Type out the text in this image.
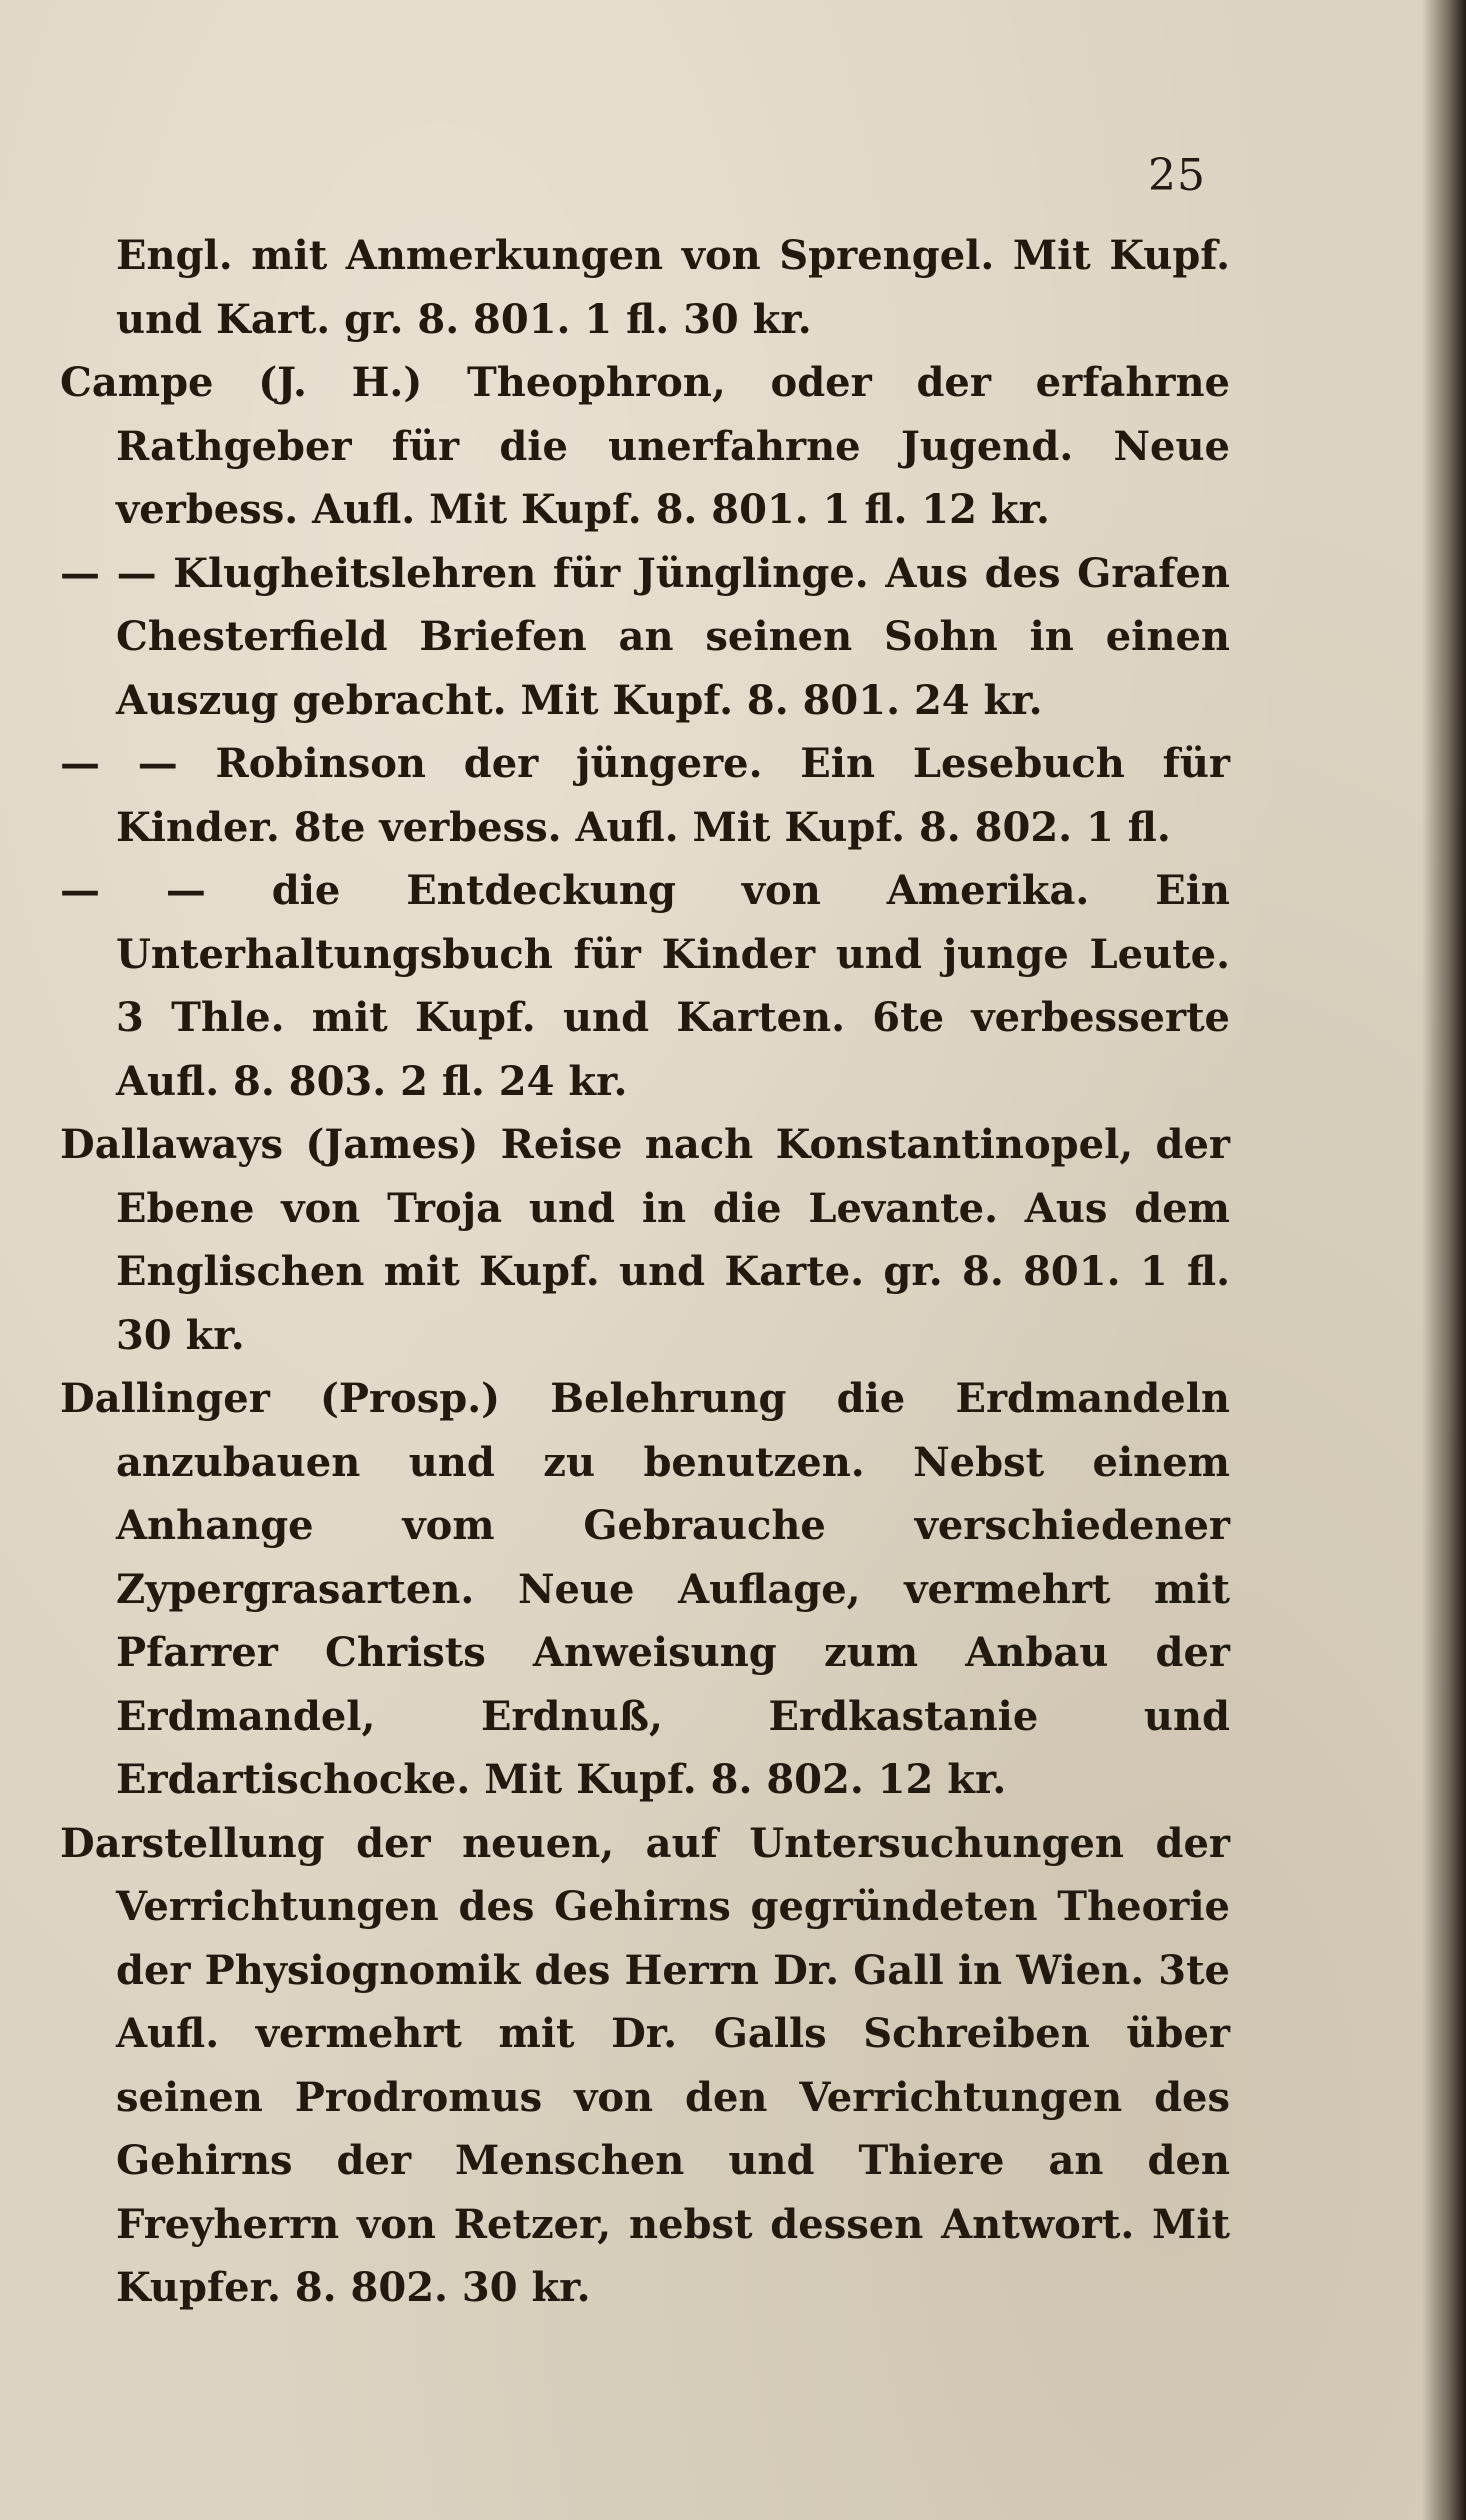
25

Engl. mit Anmerkungen von Sprengel. Mit Kupf. und Kart. gr. 8. 801. 1 fl. 30 kr.

Campe (J. H.) Theophron, oder der erfahrne Rathgeber für die unerfahrne Jugend. Neue verbess. Aufl. Mit Kupf. 8. 801. 1 fl. 12 kr.

— — Klugheitslehren für Jünglinge. Aus des Grafen Chesterfield Briefen an seinen Sohn in einen Auszug gebracht. Mit Kupf. 8. 801. 24 kr.

— — Robinson der jüngere. Ein Lesebuch für Kinder. 8te verbess. Aufl. Mit Kupf. 8. 802. 1 fl.

— — die Entdeckung von Amerika. Ein Unterhaltungsbuch für Kinder und junge Leute. 3 Thle. mit Kupf. und Karten. 6te verbesserte Aufl. 8. 803. 2 fl. 24 kr.

Dallaways (James) Reise nach Konstantinopel, der Ebene von Troja und in die Levante. Aus dem Englischen mit Kupf. und Karte. gr. 8. 801. 1 fl. 30 kr.

Dallinger (Prosp.) Belehrung die Erdmandeln anzubauen und zu benutzen. Nebst einem Anhange vom Gebrauche verschiedener Zypergrasarten. Neue Auflage, vermehrt mit Pfarrer Christs Anweisung zum Anbau der Erdmandel, Erdnuß, Erdkastanie und Erdartischocke. Mit Kupf. 8. 802. 12 kr.

Darstellung der neuen, auf Untersuchungen der Verrichtungen des Gehirns gegründeten Theorie der Physiognomik des Herrn Dr. Gall in Wien. 3te Aufl. vermehrt mit Dr. Galls Schreiben über seinen Prodromus von den Verrichtungen des Gehirns der Menschen und Thiere an den Freyherrn von Retzer, nebst dessen Antwort. Mit Kupfer. 8. 802. 30 kr.
